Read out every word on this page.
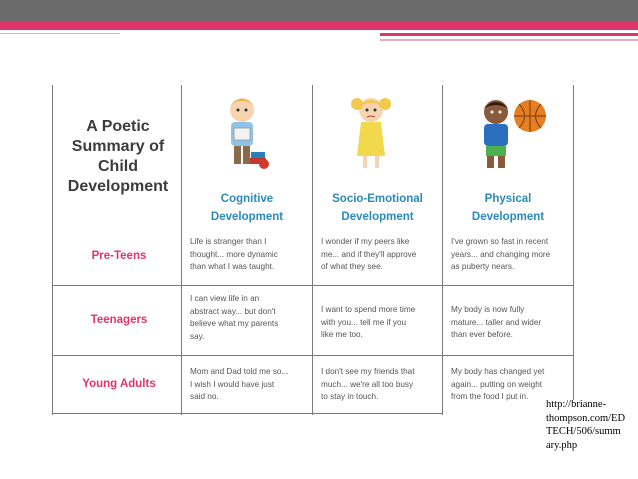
A Poetic
Summary of
Child
Development
Cognitive
Development
Socio-Emotional
Development
Physical
Development
Pre-Teens
Teenagers
Young Adults
Life is stranger than I
thought... more dynamic
than what I was taught.
I wonder if my peers like
me... and if they'll approve
of what they see.
I've grown so fast in recent
years... and changing more
as puberty nears.
I can view life in an
abstract way... but don't
believe what my parents
say.
I want to spend more time
with you... tell me if you
like me too.
My body is now fully
mature... taller and wider
than ever before.
Mom and Dad told me so...
I wish I would have just
said no.
I don't see my friends that
much... we're all too busy
to stay in touch.
My body has changed yet
again... putting on weight
from the food I put in.
http://brianne-
thompson.com/ED
TECH/506/summ
ary.php
